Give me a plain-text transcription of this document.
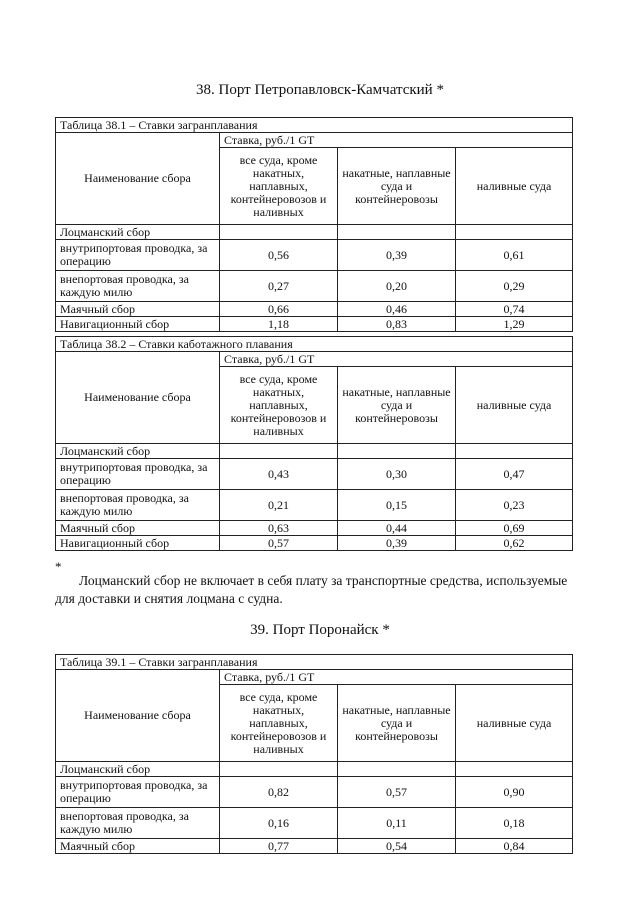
38. Порт Петропавловск-Камчатский *
Таблица 38.1 – Ставки загранплавания			
Наименование сбора	Ставка, руб./1 GT		
	все суда, кроме накатных, наплавных, контейнеровозов и наливных	накатные, наплавные суда и контейнеровозы	наливные суда
Лоцманский сбор			
внутрипортовая проводка, за операцию	0,56	0,39	0,61
внепортовая проводка, за каждую милю	0,27	0,20	0,29
Маячный сбор	0,66	0,46	0,74
Навигационный сбор	1,18	0,83	1,29
Таблица 38.2 – Ставки каботажного плавания			
Наименование сбора	Ставка, руб./1 GT		
	все суда, кроме накатных, наплавных, контейнеровозов и наливных	накатные, наплавные суда и контейнеровозы	наливные суда
Лоцманский сбор			
внутрипортовая проводка, за операцию	0,43	0,30	0,47
внепортовая проводка, за каждую милю	0,21	0,15	0,23
Маячный сбор	0,63	0,44	0,69
Навигационный сбор	0,57	0,39	0,62
*
Лоцманский сбор не включает в себя плату за транспортные средства, используемые для доставки и снятия лоцмана с судна.
39. Порт Поронайск *
Таблица 39.1 – Ставки загранплавания			
Наименование сбора	Ставка, руб./1 GT		
	все суда, кроме накатных, наплавных, контейнеровозов и наливных	накатные, наплавные суда и контейнеровозы	наливные суда
Лоцманский сбор			
внутрипортовая проводка, за операцию	0,82	0,57	0,90
внепортовая проводка, за каждую милю	0,16	0,11	0,18
Маячный сбор	0,77	0,54	0,84
